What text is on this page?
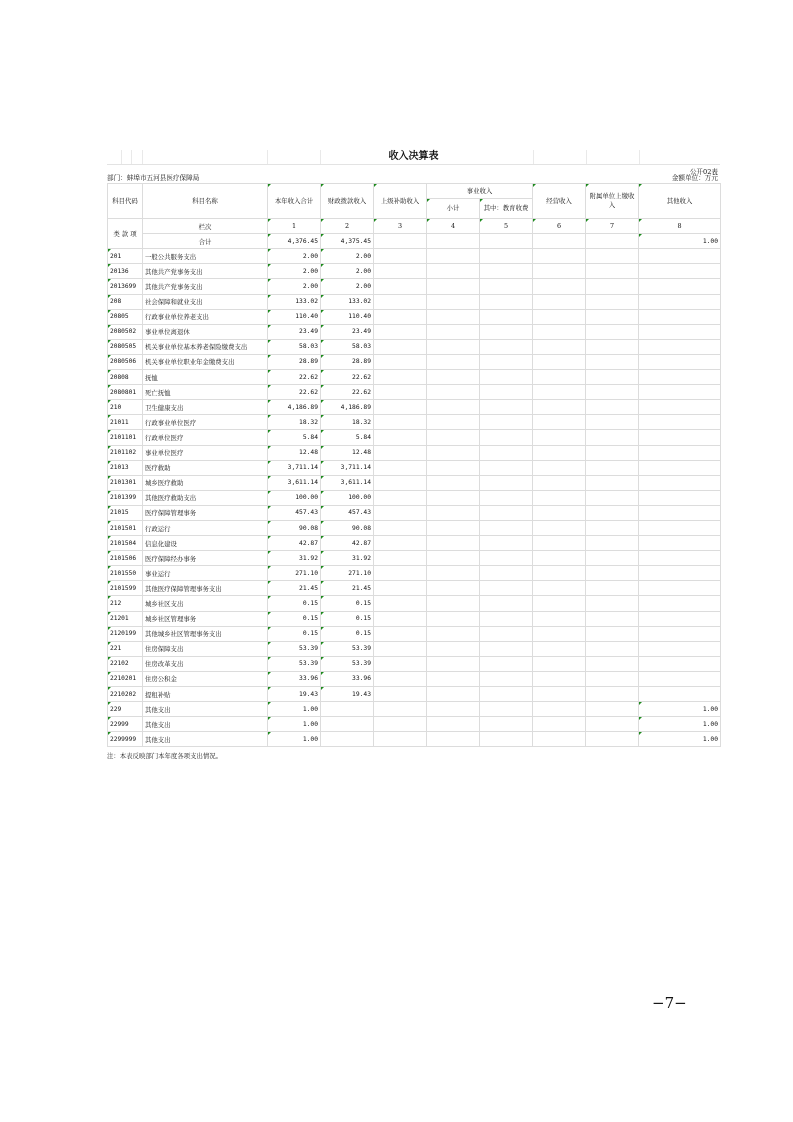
收入决算表
部门：蚌埠市五河县医疗保障局
公开02表
金额单位：万元
科目代码	科目名称	本年收入合计	财政拨款收入	上级补助收入	事业收入		经营收入	附属单位上缴收入	其他收入
					小计	其中：教育收费			
类 款 项	栏次	1	2	3	4	5	6	7	8
	合计	4,376.45	4,375.45						1.00
201	一般公共服务支出	2.00	2.00						
20136	其他共产党事务支出	2.00	2.00						
2013699	其他共产党事务支出	2.00	2.00						
208	社会保障和就业支出	133.02	133.02						
20805	行政事业单位养老支出	110.40	110.40						
2080502	事业单位离退休	23.49	23.49						
2080505	机关事业单位基本养老保险缴费支出	58.03	58.03						
2080506	机关事业单位职业年金缴费支出	28.89	28.89						
20808	抚恤	22.62	22.62						
2080801	死亡抚恤	22.62	22.62						
210	卫生健康支出	4,186.89	4,186.89						
21011	行政事业单位医疗	18.32	18.32						
2101101	行政单位医疗	5.84	5.84						
2101102	事业单位医疗	12.48	12.48						
21013	医疗救助	3,711.14	3,711.14						
2101301	城乡医疗救助	3,611.14	3,611.14						
2101399	其他医疗救助支出	100.00	100.00						
21015	医疗保障管理事务	457.43	457.43						
2101501	行政运行	90.08	90.08						
2101504	信息化建设	42.87	42.87						
2101506	医疗保障经办事务	31.92	31.92						
2101550	事业运行	271.10	271.10						
2101599	其他医疗保障管理事务支出	21.45	21.45						
212	城乡社区支出	0.15	0.15						
21201	城乡社区管理事务	0.15	0.15						
2120199	其他城乡社区管理事务支出	0.15	0.15						
221	住房保障支出	53.39	53.39						
22102	住房改革支出	53.39	53.39						
2210201	住房公积金	33.96	33.96						
2210202	提租补贴	19.43	19.43						
229	其他支出	1.00							1.00
22999	其他支出	1.00							1.00
2299999	其他支出	1.00							1.00
注：本表反映部门本年度各项支出情况。
−7−
